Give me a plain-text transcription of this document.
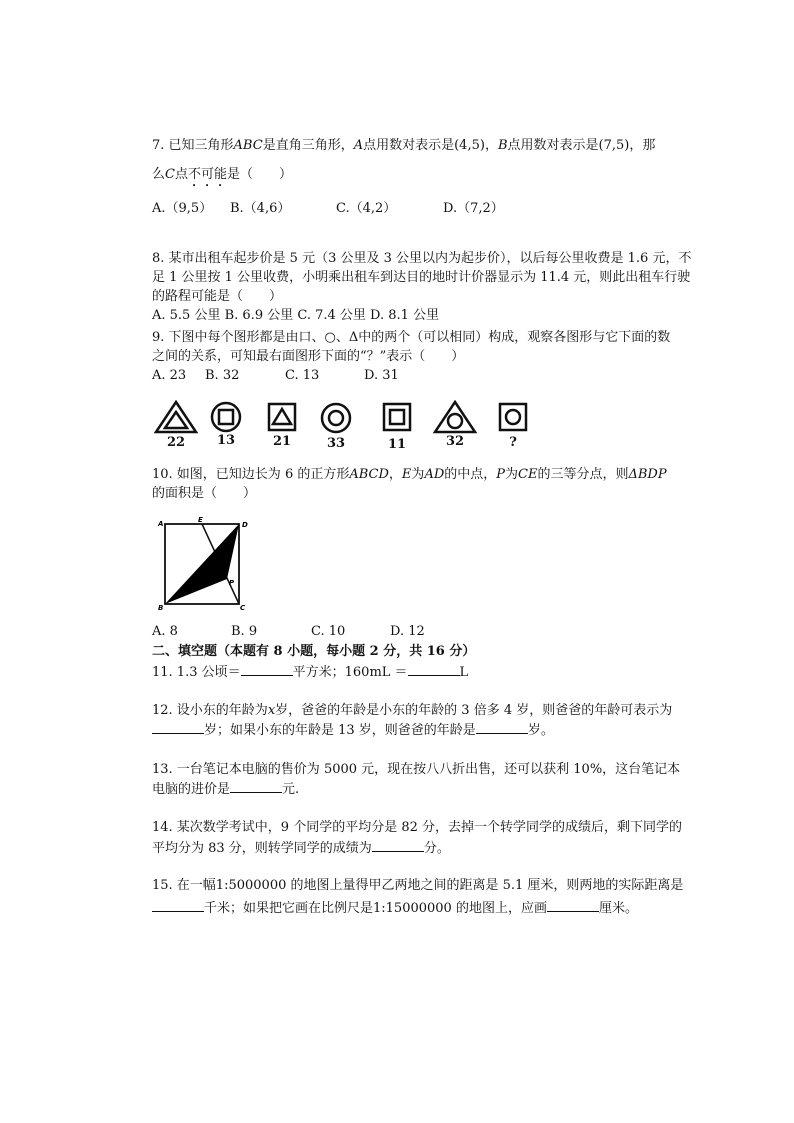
7. 已知三角形ABC是直角三角形，A点用数对表示是(4,5)，B点用数对表示是(7,5)，那
么C点不可能是（　　）
A.（9,5） B.（4,6）	C.（4,2）	D.（7,2）
8. 某市出租车起步价是 5 元（3 公里及 3 公里以内为起步价），以后每公里收费是 1.6 元，不
足 1 公里按 1 公里收费，小明乘出租车到达目的地时计价器显示为 11.4 元，则此出租车行驶
的路程可能是（　　）
A. 5.5 公里 B. 6.9 公里 C. 7.4 公里 D. 8.1 公里
9. 下图中每个图形都是由口、○、Δ中的两个（可以相同）构成，观察各图形与它下面的数
之间的关系，可知最右面图形下面的“？”表示（　　）
A. 23 B. 32	C. 13	D. 31
22	13	21	33	11	32	?
10. 如图，已知边长为 6 的正方形ABCD，E为AD的中点，P为CE的三等分点，则ΔBDP
的面积是（　　）
A	E
D
P
B	C
A. 8	B. 9	C. 10	D. 12
二、填空题（本题有 8 小题，每小题 2 分，共 16 分）
11. 1.3 公顷＝	平方米；160mL ＝	L
12. 设小东的年龄为x岁，爸爸的年龄是小东的年龄的 3 倍多 4 岁，则爸爸的年龄可表示为
岁；如果小东的年龄是 13 岁，则爸爸的年龄是	岁。
13. 一台笔记本电脑的售价为 5000 元，现在按八八折出售，还可以获利 10%，这台笔记本
电脑的进价是	元.
14. 某次数学考试中，9 个同学的平均分是 82 分，去掉一个转学同学的成绩后，剩下同学的
平均分为 83 分，则转学同学的成绩为	分。
15. 在一幅1:5000000 的地图上量得甲乙两地之间的距离是 5.1 厘米，则两地的实际距离是
千米；如果把它画在比例尺是1:15000000 的地图上，应画	厘米。
